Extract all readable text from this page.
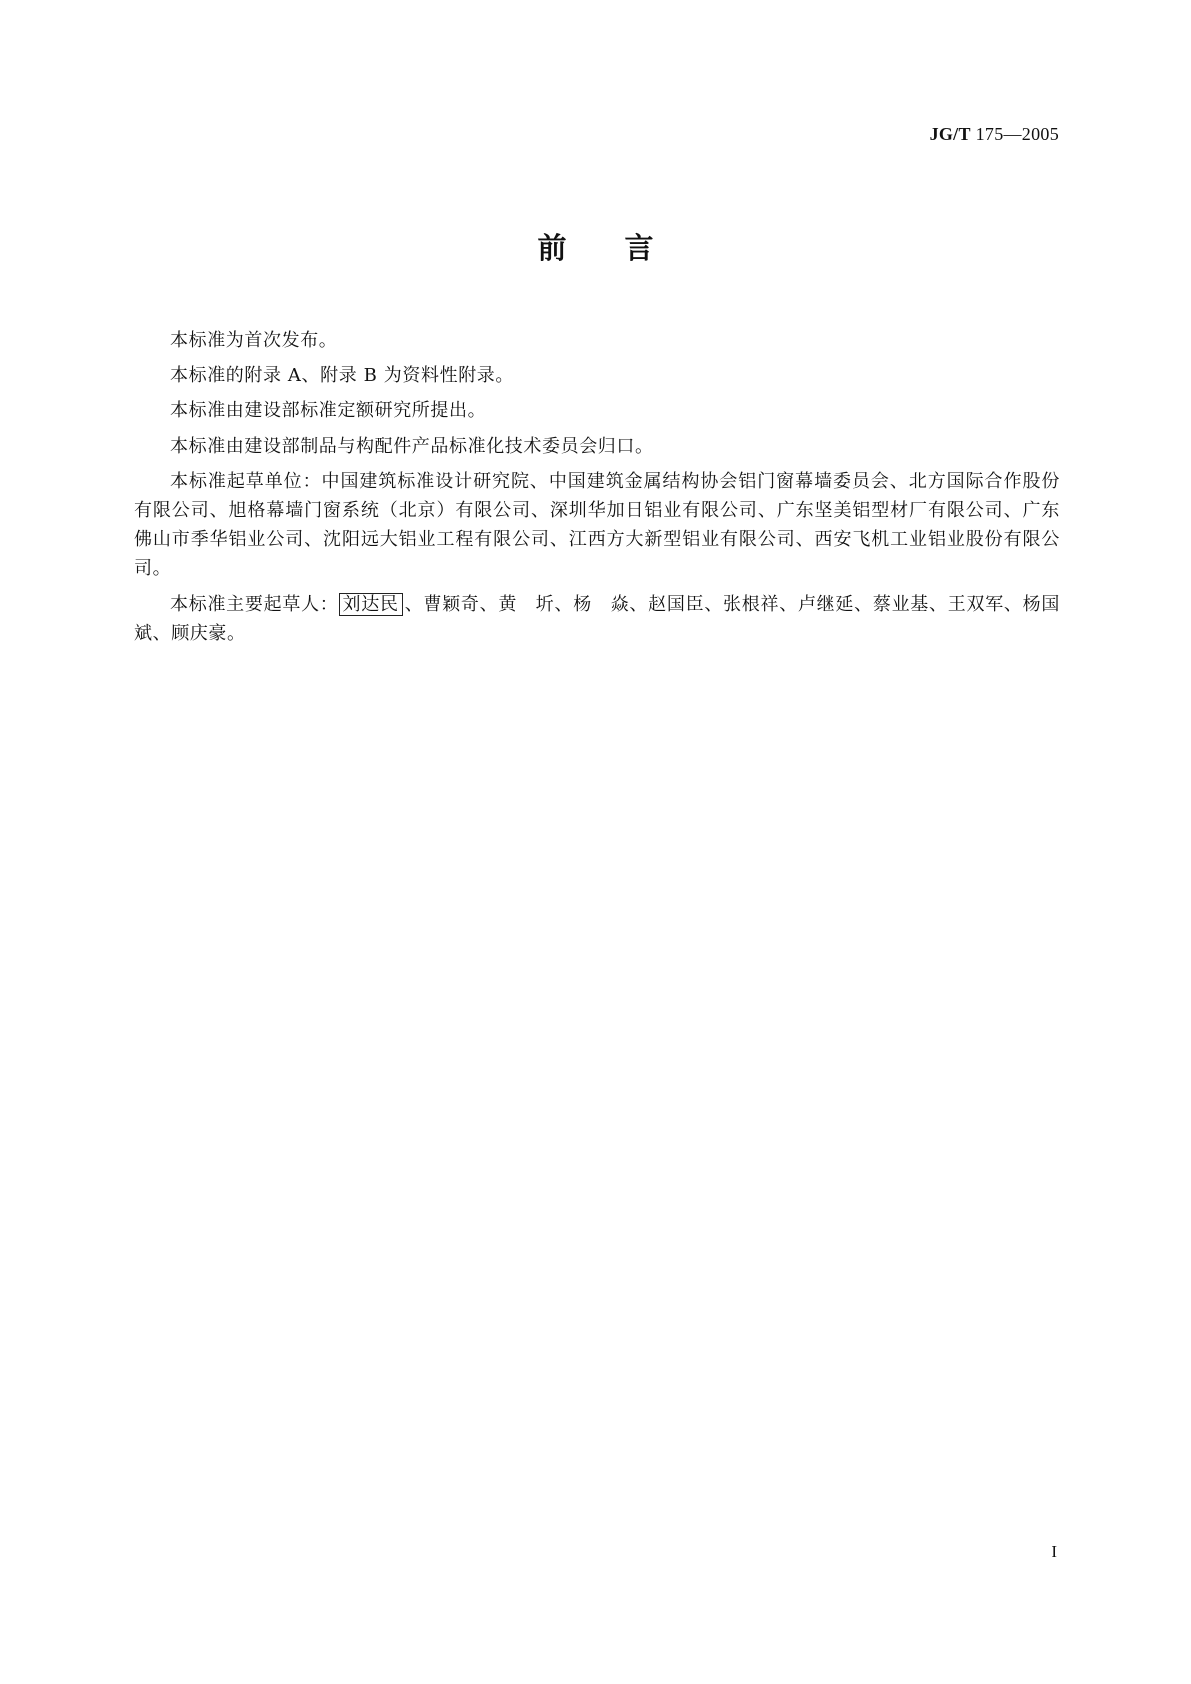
JG/T 175—2005
前言

本标准为首次发布。

本标准的附录 A、附录 B 为资料性附录。

本标准由建设部标准定额研究所提出。

本标准由建设部制品与构配件产品标准化技术委员会归口。

本标准起草单位：中国建筑标准设计研究院、中国建筑金属结构协会铝门窗幕墙委员会、北方国际合作股份有限公司、旭格幕墙门窗系统（北京）有限公司、深圳华加日铝业有限公司、广东坚美铝型材厂有限公司、广东佛山市季华铝业公司、沈阳远大铝业工程有限公司、江西方大新型铝业有限公司、西安飞机工业铝业股份有限公司。

本标准主要起草人： 刘达民 、曹颖奇、黄　圻、杨　焱、赵国臣、张根祥、卢继延、蔡业基、王双军、杨国斌、顾庆豪。

I
